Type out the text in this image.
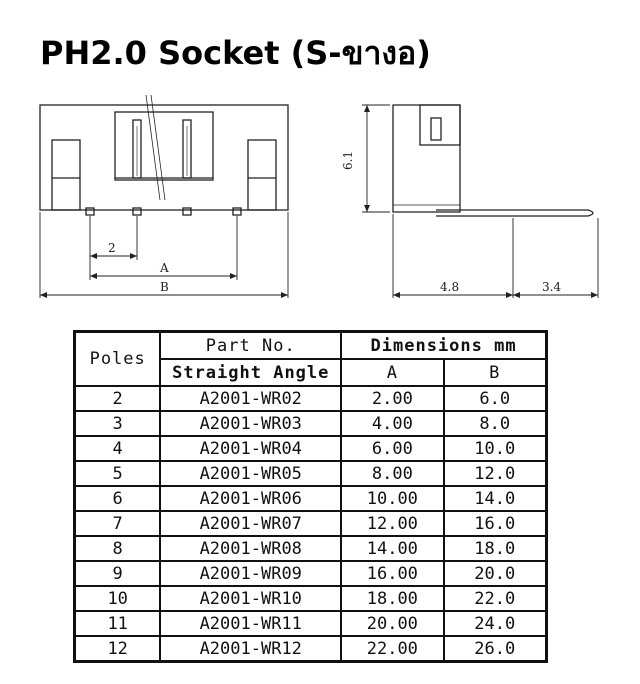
PH2.0 Socket (S-ขางอ)
2
A
B
6.1
4.8	3.4
Poles	Part No.	Dimensions mm	
	Straight Angle	A	B
2	A2001-WR02	2.00	6.0
3	A2001-WR03	4.00	8.0
4	A2001-WR04	6.00	10.0
5	A2001-WR05	8.00	12.0
6	A2001-WR06	10.00	14.0
7	A2001-WR07	12.00	16.0
8	A2001-WR08	14.00	18.0
9	A2001-WR09	16.00	20.0
10	A2001-WR10	18.00	22.0
11	A2001-WR11	20.00	24.0
12	A2001-WR12	22.00	26.0
